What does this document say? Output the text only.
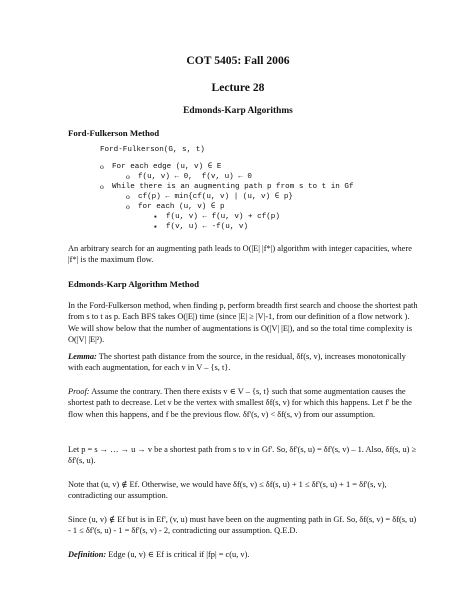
COT 5405: Fall 2006
Lecture 28
Edmonds-Karp Algorithms
Ford-Fulkerson Method
Ford-Fulkerson(G, s, t)
o For each edge (u, v) ∈ E
o f(u, v) ← 0,  f(v, u) ← 0
o While there is an augmenting path p from s to t in Gf
o cf(p) ← min{cf(u, v) | (u, v) ∈ p}
o for each (u, v) ∈ p
▪ f(u, v) ← f(u, v) + cf(p)
▪ f(v, u) ← -f(u, v)

An arbitrary search for an augmenting path leads to O(|E| |f*|) algorithm with integer capacities, where |f*| is the maximum flow.

Edmonds-Karp Algorithm Method

In the Ford-Fulkerson method, when finding p, perform breadth first search and choose the shortest path from s to t as p. Each BFS takes O(|E|) time (since |E| ≥ |V|-1, from our definition of a flow network ). We will show below that the number of augmentations is O(|V| |E|), and so the total time complexity is O(|V| |E|²).

Lemma: The shortest path distance from the source, in the residual, δf(s, v), increases monotonically with each augmentation, for each v in V – {s, t}.

Proof: Assume the contrary. Then there exists v ∈ V – {s, t} such that some augmentation causes the shortest path to decrease. Let v be the vertex with smallest δf(s, v) for which this happens. Let f' be the flow when this happens, and f be the previous flow. δf'(s, v) < δf(s, v) from our assumption.

Let p = s → … → u → v be a shortest path from s to v in Gf'. So, δf'(s, u) = δf'(s, v) – 1. Also, δf(s, u) ≥ δf'(s, u).

Note that (u, v) ∉ Ef. Otherwise, we would have δf(s, v) ≤ δf(s, u) + 1 ≤ δf'(s, u) + 1 = δf'(s, v), contradicting our assumption.

Since (u, v) ∉ Ef but is in Ef', (v, u) must have been on the augmenting path in Gf. So, δf(s, v) = δf(s, u) - 1 ≤ δf'(s, u) - 1 = δf'(s, v) - 2, contradicting our assumption. Q.E.D.

Definition: Edge (u, v) ∈ Ef is critical if |fp| = c(u, v).
